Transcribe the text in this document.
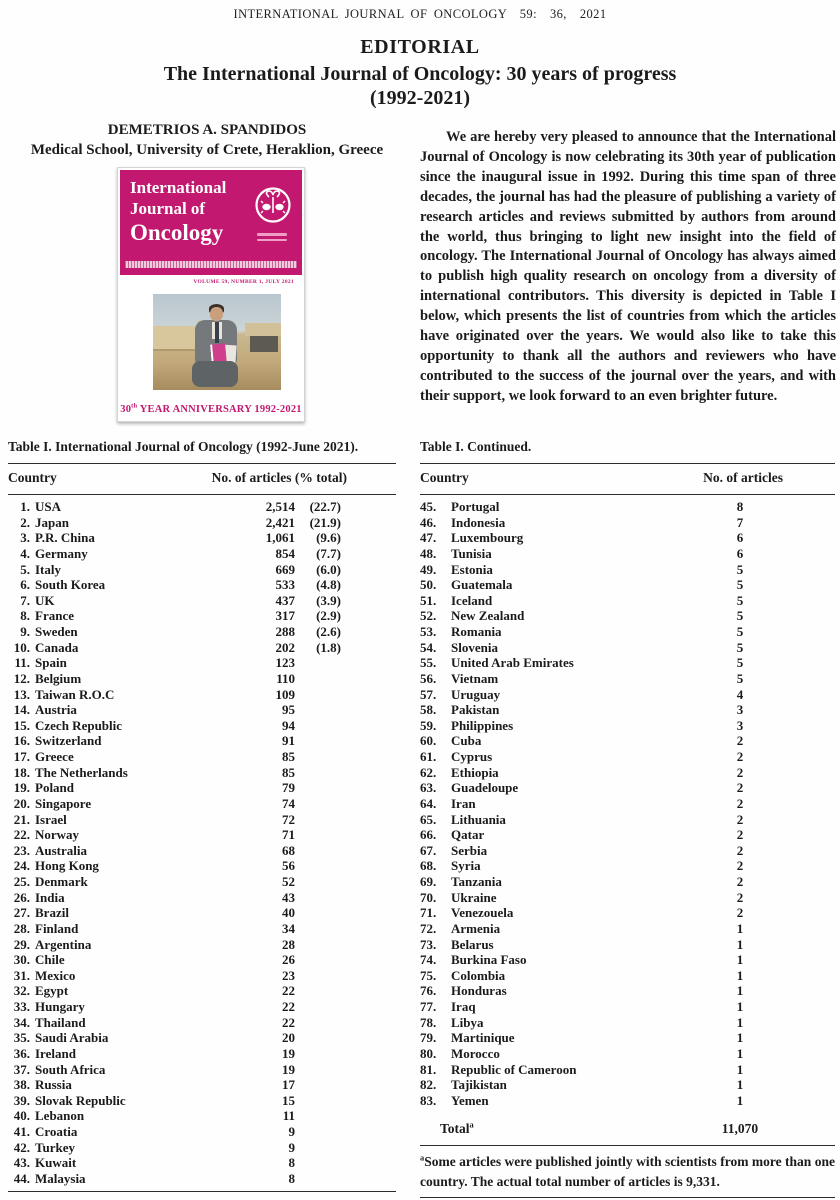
INTERNATIONAL JOURNAL OF ONCOLOGY  59:  36,  2021
EDITORIAL
The International Journal of Oncology: 30 years of progress
(1992-2021)
DEMETRIOS A. SPANDIDOS
Medical School, University of Crete, Heraklion, Greece
International
Journal of
Oncology
VOLUME 59, NUMBER 1, JULY 2021
30th YEAR ANNIVERSARY 1992-2021
We are hereby very pleased to announce that the International Journal of Oncology is now celebrating its 30th year of publication since the inaugural issue in 1992. During this time span of three decades, the journal has had the pleasure of publishing a variety of research articles and reviews submitted by authors from around the world, thus bringing to light new insight into the field of oncology. The International Journal of Oncology has always aimed to publish high quality research on oncology from a diversity of international contributors. This diversity is depicted in Table I below, which presents the list of countries from which the articles have originated over the years. We would also like to take this opportunity to thank all the authors and reviewers who have contributed to the success of the journal over the years, and with their support, we look forward to an even brighter future.
Table I. International Journal of Oncology (1992-June 2021).
Country	No. of articles (% total)
1. USA	2,514	(22.7)
2. Japan	2,421	(21.9)
3. P.R. China	1,061	(9.6)
4. Germany	854	(7.7)
5. Italy	669	(6.0)
6. South Korea	533	(4.8)
7. UK	437	(3.9)
8. France	317	(2.9)
9. Sweden	288	(2.6)
10. Canada	202	(1.8)
11. Spain	123
12. Belgium	110
13. Taiwan R.O.C	109
14. Austria	95
15. Czech Republic	94
16. Switzerland	91
17. Greece	85
18. The Netherlands	85
19. Poland	79
20. Singapore	74
21. Israel	72
22. Norway	71
23. Australia	68
24. Hong Kong	56
25. Denmark	52
26. India	43
27. Brazil	40
28. Finland	34
29. Argentina	28
30. Chile	26
31. Mexico	23
32. Egypt	22
33. Hungary	22
34. Thailand	22
35. Saudi Arabia	20
36. Ireland	19
37. South Africa	19
38. Russia	17
39. Slovak Republic	15
40. Lebanon	11
41. Croatia	9
42. Turkey	9
43. Kuwait	8
44. Malaysia	8
Table I. Continued.
Country	No. of articles
45.	Portugal	8
46.	Indonesia	7
47.	Luxembourg	6
48.	Tunisia	6
49.	Estonia	5
50.	Guatemala	5
51.	Iceland	5
52.	New Zealand	5
53.	Romania	5
54.	Slovenia	5
55.	United Arab Emirates	5
56.	Vietnam	5
57.	Uruguay	4
58.	Pakistan	3
59.	Philippines	3
60.	Cuba	2
61.	Cyprus	2
62.	Ethiopia	2
63.	Guadeloupe	2
64.	Iran	2
65.	Lithuania	2
66.	Qatar	2
67.	Serbia	2
68.	Syria	2
69.	Tanzania	2
70.	Ukraine	2
71.	Venezouela	2
72.	Armenia	1
73.	Belarus	1
74.	Burkina Faso	1
75.	Colombia	1
76.	Honduras	1
77.	Iraq	1
78.	Libya	1
79.	Martinique	1
80.	Morocco	1
81.	Republic of Cameroon	1
82.	Tajikistan	1
83.	Yemen	1
Total$^a$	11,070
$^a$Some articles were published jointly with scientists from more than one country. The actual total number of articles is 9,331.
